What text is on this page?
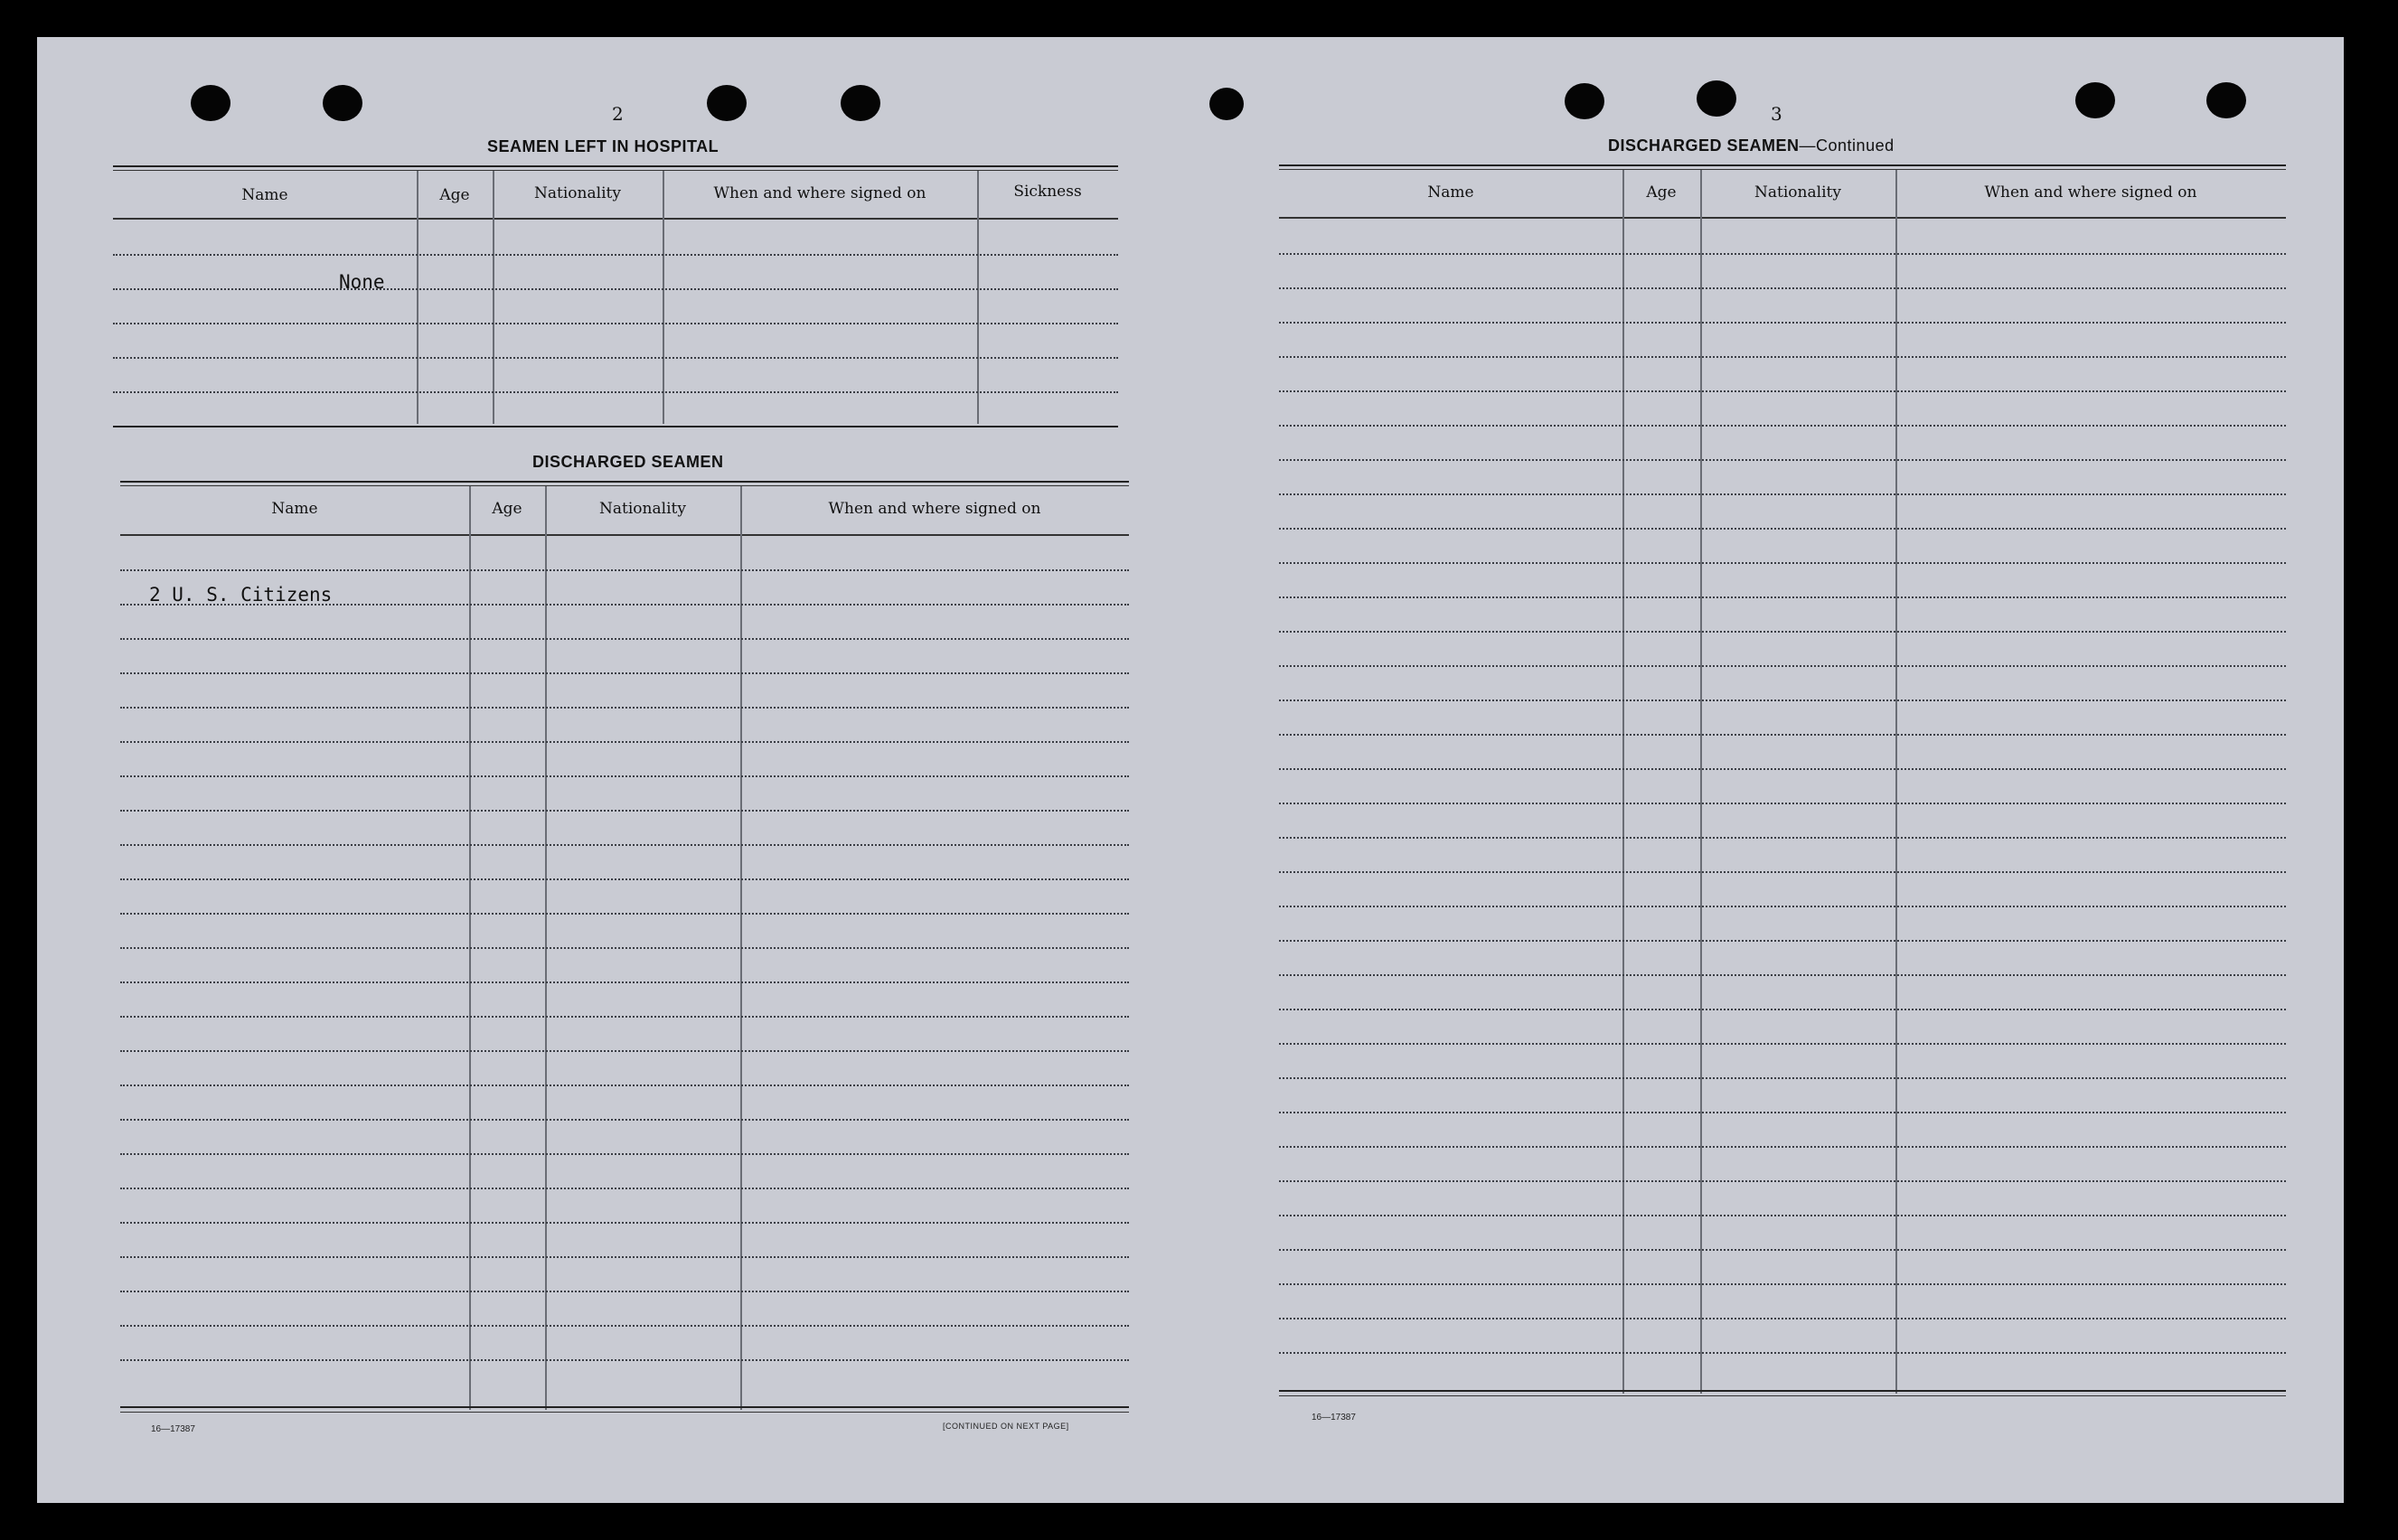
2
SEAMEN LEFT IN HOSPITAL
Name	Age	Nationality	When and where signed on	Sickness
None
DISCHARGED SEAMEN
Name	Age	Nationality	When and where signed on
2 U. S. Citizens
16—17387	[CONTINUED ON NEXT PAGE]
3
DISCHARGED SEAMEN—Continued
Name	Age	Nationality	When and where signed on
16—17387
